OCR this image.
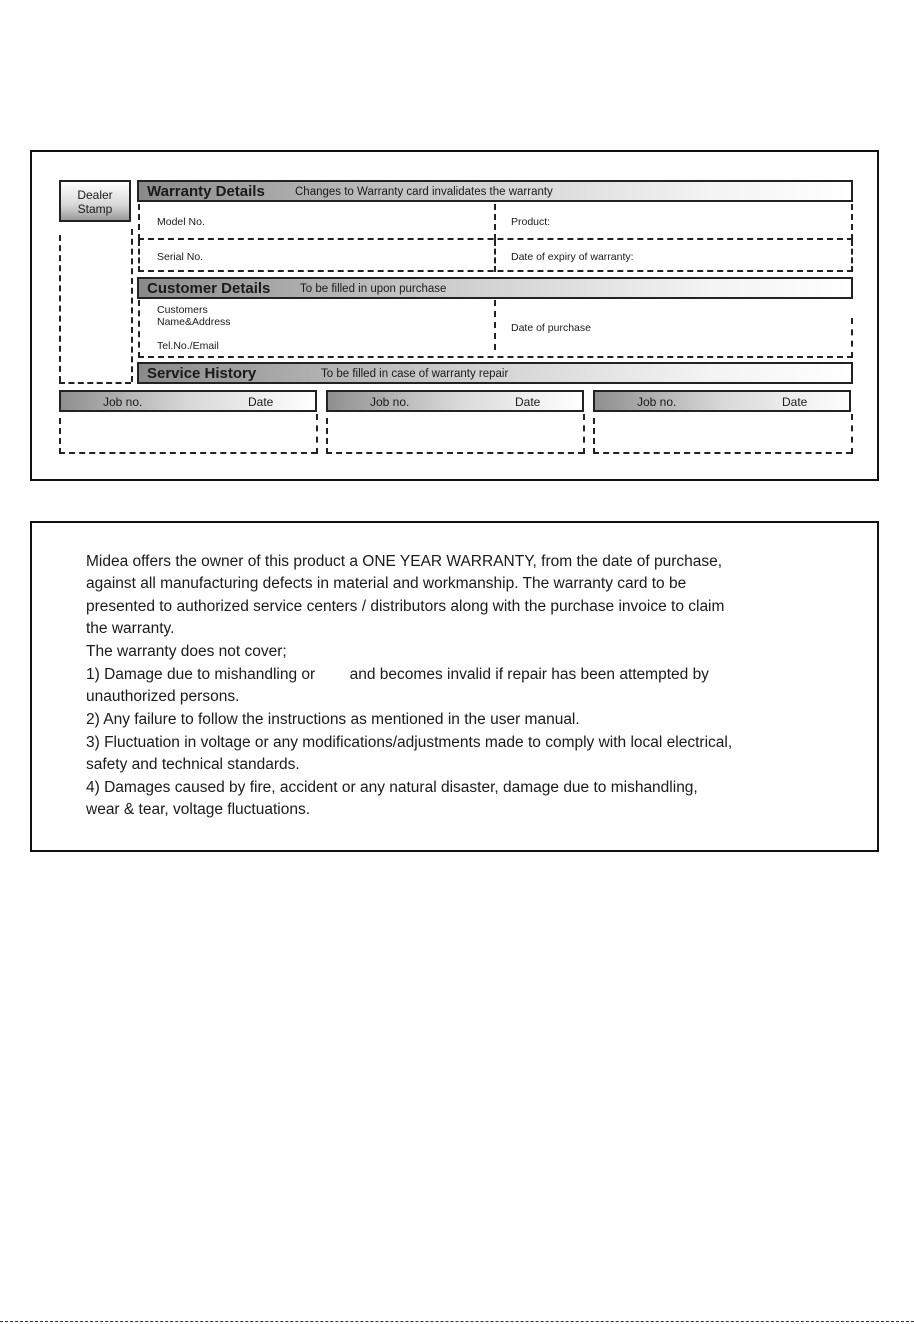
Dealer
Stamp
Warranty Details	Changes to Warranty card invalidates the warranty
Model No.	Product:
Serial No.	Date of expiry of warranty:
Customer Details	To be filled in upon purchase
Customers
Name&Address
Tel.No./Email
Date of purchase
Service History	To be filled in case of warranty repair
Job no.	Date	Job no.	Date	Job no.	Date
Midea offers the owner of this product a ONE YEAR WARRANTY, from the date of purchase,
against all manufacturing defects in material and workmanship. The warranty card to be
presented to authorized service centers / distributors along with the purchase invoice to claim
the warranty.
The warranty does not cover;
1) Damage due to mishandling or        and becomes invalid if repair has been attempted by
unauthorized persons.
2) Any failure to follow the instructions as mentioned in the user manual.
3) Fluctuation in voltage or any modifications/adjustments made to comply with local electrical,
safety and technical standards.
4) Damages caused by fire, accident or any natural disaster, damage due to mishandling,
wear & tear, voltage fluctuations.
